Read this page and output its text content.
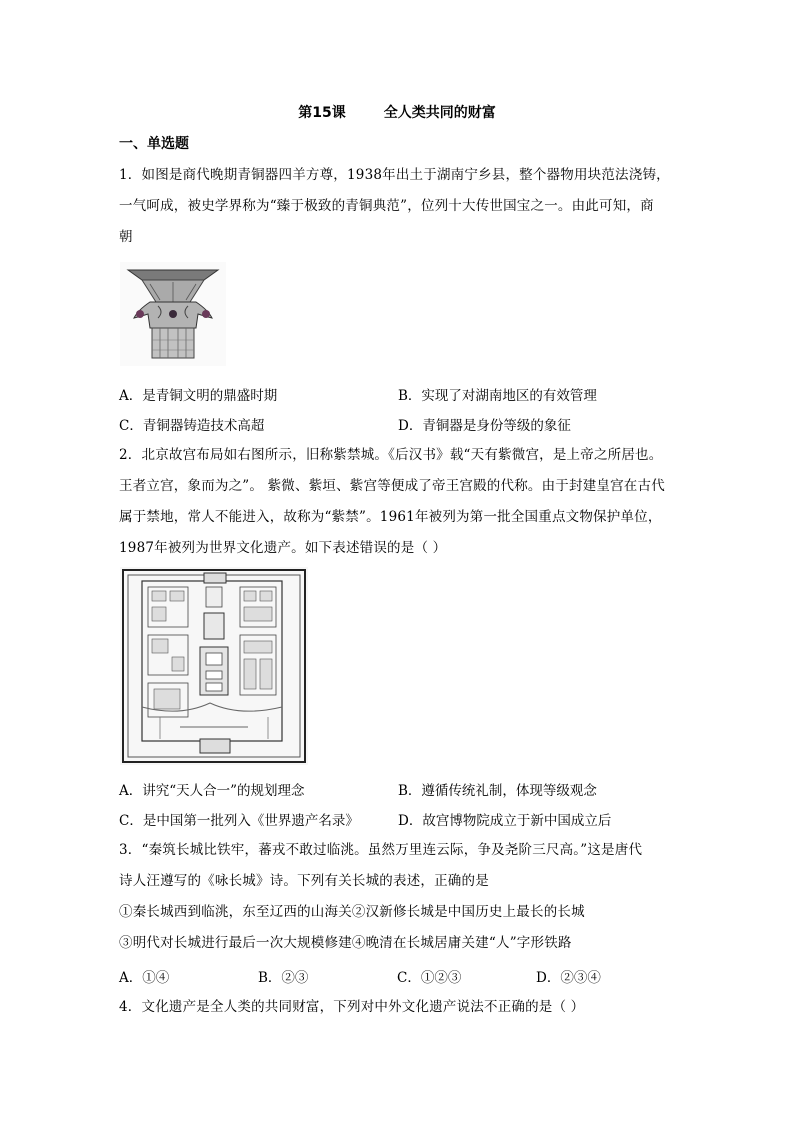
第15课	全人类共同的财富
一、单选题
1．如图是商代晚期青铜器四羊方尊，1938年出土于湖南宁乡县，整个器物用块范法浇铸，
一气呵成，被史学界称为“臻于极致的青铜典范”，位列十大传世国宝之一。由此可知，商
朝
A．是青铜文明的鼎盛时期	B．实现了对湖南地区的有效管理
C．青铜器铸造技术高超	D．青铜器是身份等级的象征
2．北京故宫布局如右图所示，旧称紫禁城。《后汉书》载“天有紫微宫，是上帝之所居也。
王者立宫，象而为之”。 紫微、紫垣、紫宫等便成了帝王宫殿的代称。由于封建皇宫在古代
属于禁地，常人不能进入，故称为“紫禁”。1961年被列为第一批全国重点文物保护单位，
1987年被列为世界文化遗产。如下表述错误的是（ ）
A．讲究“天人合一”的规划理念	B．遵循传统礼制，体现等级观念
C．是中国第一批列入《世界遗产名录》	D．故宫博物院成立于新中国成立后
3．“秦筑长城比铁牢，蕃戎不敢过临洮。虽然万里连云际，争及尧阶三尺高。”这是唐代
诗人汪遵写的《咏长城》诗。下列有关长城的表述，正确的是
①秦长城西到临洮，东至辽西的山海关②汉新修长城是中国历史上最长的长城
③明代对长城进行最后一次大规模修建④晚清在长城居庸关建“人”字形铁路
A．①④	B．②③	C．①②③	D．②③④
4．文化遗产是全人类的共同财富，下列对中外文化遗产说法不正确的是（ ）
